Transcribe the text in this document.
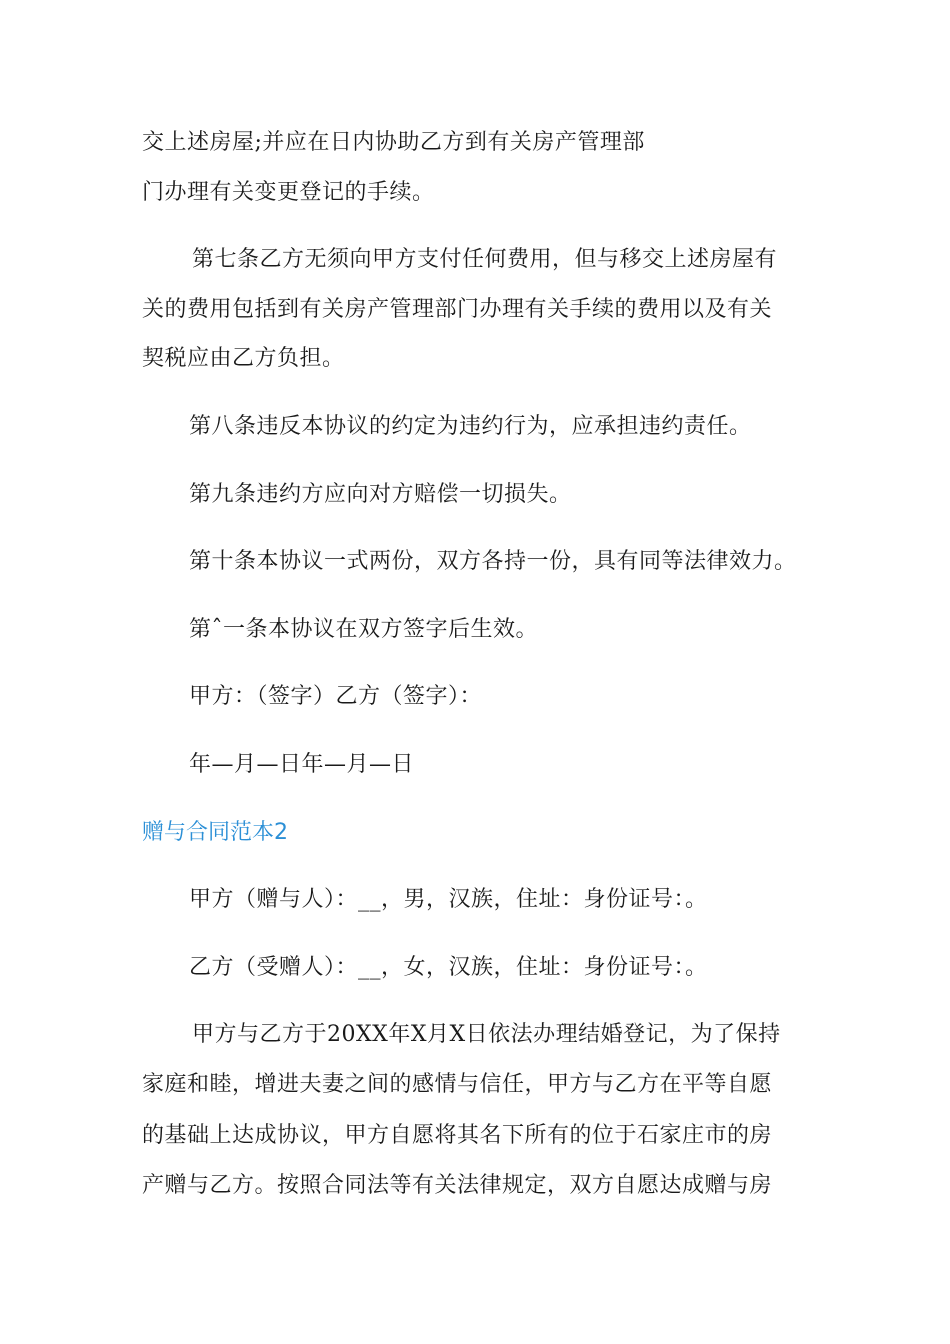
交上述房屋;并应在日内协助乙方到有关房产管理部

门办理有关变更登记的手续。

第七条乙方无须向甲方支付任何费用，但与移交上述房屋有

关的费用包括到有关房产管理部门办理有关手续的费用以及有关

契税应由乙方负担。

第八条违反本协议的约定为违约行为，应承担违约责任。

第九条违约方应向对方赔偿一切损失。

第十条本协议一式两份，双方各持一份，具有同等法律效力。

第ˆ一条本协议在双方签字后生效。

甲方：（签字）乙方（签字）：

年—月—日年—月—日

赠与合同范本2

甲方（赠与人）：__，男，汉族，住址：身份证号：。

乙方（受赠人）：__，女，汉族，住址：身份证号：。

甲方与乙方于20XX年X月X日依法办理结婚登记，为了保持

家庭和睦，增进夫妻之间的感情与信任，甲方与乙方在平等自愿

的基础上达成协议，甲方自愿将其名下所有的位于石家庄市的房

产赠与乙方。按照合同法等有关法律规定，双方自愿达成赠与房
